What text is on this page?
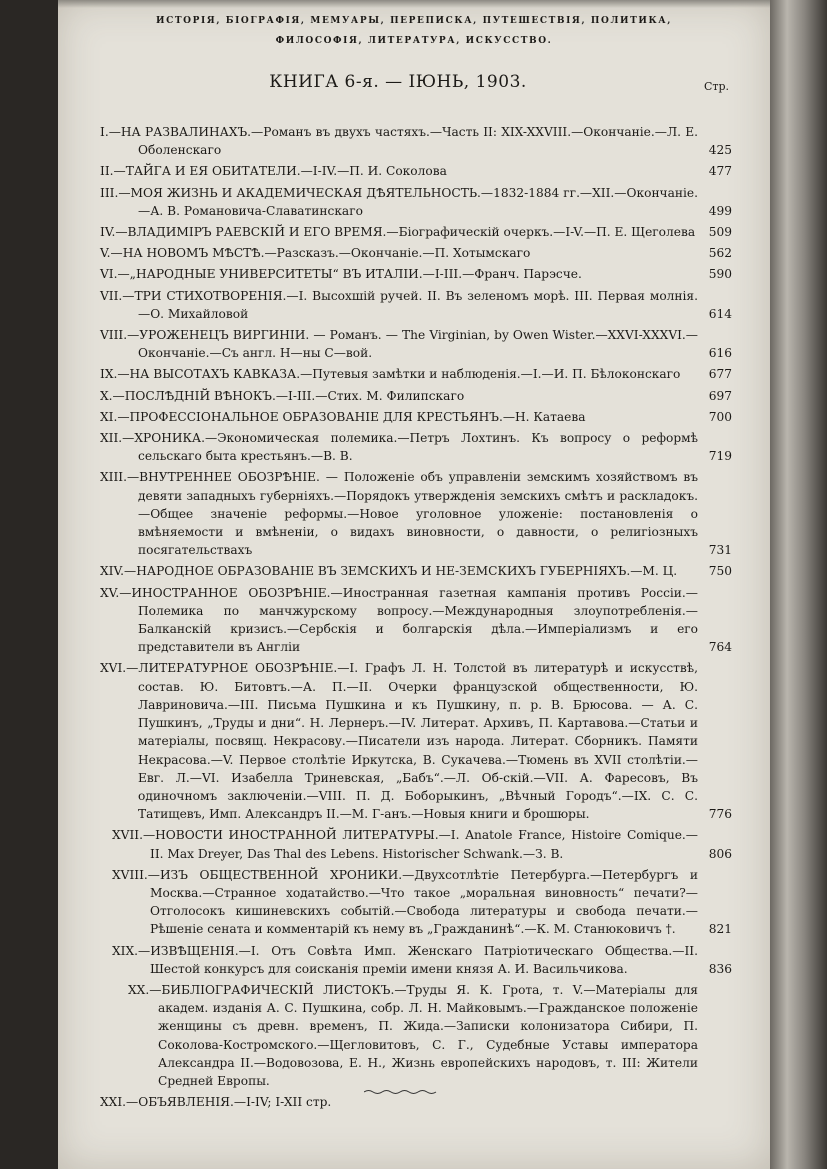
ИСТОРІЯ, БІОГРАФІЯ, МЕМУАРЫ, ПЕРЕПИСКА, ПУТЕШЕСТВІЯ, ПОЛИТИКА,
ФИЛОСОФІЯ, ЛИТЕРАТУРА, ИСКУССТВО.
КНИГА 6-я. — ІЮНЬ, 1903.	Стр.
I.—НА РАЗВАЛИНАХЪ.—Романъ въ двухъ частяхъ.—Часть II: XIX-XXVIII.—Окончаніе.—Л. Е. Оболенскаго	425
II.—ТАЙГА И ЕЯ ОБИТАТЕЛИ.—I-IV.—П. И. Соколова	477
III.—МОЯ ЖИЗНЬ И АКАДЕМИЧЕСКАЯ ДѢЯТЕЛЬНОСТЬ.—1832-1884 гг.—XII.—Окончаніе.—А. В. Романовича-Славатинскаго	499
IV.—ВЛАДИМІРЪ РАЕВСКІЙ И ЕГО ВРЕМЯ.—Біографическій очеркъ.—I-V.—П. Е. Щеголева	509
V.—НА НОВОМЪ МѢСТѢ.—Разсказъ.—Окончаніе.—П. Хотымскаго	562
VI.—„НАРОДНЫЕ УНИВЕРСИТЕТЫ“ ВЪ ИТАЛІИ.—I-III.—Франч. Парэсче.	590
VII.—ТРИ СТИХОТВОРЕНІЯ.—I. Высохшій ручей. II. Въ зеленомъ морѣ. III. Первая молнія.—О. Михайловой	614
VIII.—УРОЖЕНЕЦЪ ВИРГИНІИ. — Романъ. — The Virginian, by Owen Wister.—XXVI-XXXVI.—Окончаніе.—Съ англ. Н—ны С—вой.	616
IX.—НА ВЫСОТАХЪ КАВКАЗА.—Путевыя замѣтки и наблюденія.—I.—И. П. Бѣлоконскаго	677
X.—ПОСЛѢДНІЙ ВѢНОКЪ.—I-III.—Стих. М. Филипскаго	697
XI.—ПРОФЕССІОНАЛЬНОЕ ОБРАЗОВАНІЕ ДЛЯ КРЕСТЬЯНЪ.—Н. Катаева	700
XII.—ХРОНИКА.—Экономическая полемика.—Петръ Лохтинъ. Къ вопросу о реформѣ сельскаго быта крестьянъ.—В. В.	719
XIII.—ВНУТРЕННЕЕ ОБОЗРѢНІЕ. — Положеніе объ управленіи земскимъ хозяйствомъ въ девяти западныхъ губерніяхъ.—Порядокъ утвержденія земскихъ смѣтъ и раскладокъ.—Общее значеніе реформы.—Новое уголовное уложеніе: постановленія о вмѣняемости и вмѣненіи, о видахъ виновности, о давности, о религіозныхъ посягательствахъ	731
XIV.—НАРОДНОЕ ОБРАЗОВАНІЕ ВЪ ЗЕМСКИХЪ И НЕ-ЗЕМСКИХЪ ГУБЕРНІЯХЪ.—М. Ц.	750
XV.—ИНОСТРАННОЕ ОБОЗРѢНІЕ.—Иностранная газетная кампанія противъ Россіи.—Полемика по манчжурскому вопросу.—Международныя злоупотребленія.—Балканскій кризисъ.—Сербскія и болгарскія дѣла.—Имперіализмъ и его представители въ Англіи	764
XVI.—ЛИТЕРАТУРНОЕ ОБОЗРѢНІЕ.—I. Графъ Л. Н. Толстой въ литературѣ и искусствѣ, состав. Ю. Битовтъ.—А. П.—II. Очерки французской общественности, Ю. Лавриновича.—III. Письма Пушкина и къ Пушкину, п. р. В. Брюсова. — А. С. Пушкинъ, „Труды и дни“. Н. Лернеръ.—IV. Литерат. Архивъ, П. Картавова.—Статьи и матеріалы, посвящ. Некрасову.—Писатели изъ народа. Литерат. Сборникъ. Памяти Некрасова.—V. Первое столѣтіе Иркутска, В. Сукачева.—Тюмень въ XVII столѣтіи.—Евг. Л.—VI. Изабелла Триневская, „Бабъ“.—Л. Об-скій.—VII. А. Фаресовъ, Въ одиночномъ заключеніи.—VIII. П. Д. Боборыкинъ, „Вѣчный Городъ“.—IX. С. С. Татищевъ, Имп. Александръ II.—М. Г-анъ.—Новыя книги и брошюры.	776
XVII.—НОВОСТИ ИНОСТРАННОЙ ЛИТЕРАТУРЫ.—I. Anatole France, Histoire Comique.—II. Max Dreyer, Das Thal des Lebens. Historischer Schwank.—З. В.	806
XVIII.—ИЗЪ ОБЩЕСТВЕННОЙ ХРОНИКИ.—Двухсотлѣтіе Петербурга.—Петербургъ и Москва.—Странное ходатайство.—Что такое „моральная виновность“ печати?—Отголосокъ кишиневскихъ событій.—Свобода литературы и свобода печати.—Рѣшеніе сената и комментарій къ нему въ „Гражданинѣ“.—К. М. Станюковичъ †.	821
XIX.—ИЗВѢЩЕНІЯ.—I. Отъ Совѣта Имп. Женскаго Патріотическаго Общества.—II. Шестой конкурсъ для соисканія преміи имени князя А. И. Васильчикова.	836
XX.—БИБЛІОГРАФИЧЕСКІЙ ЛИСТОКЪ.—Труды Я. К. Грота, т. V.—Матеріалы для академ. изданія А. С. Пушкина, собр. Л. Н. Майковымъ.—Гражданское положеніе женщины съ древн. временъ, П. Жида.—Записки колонизатора Сибири, П. Соколова-Костромского.—Щегловитовъ, С. Г., Судебные Уставы императора Александра II.—Водовозова, Е. Н., Жизнь европейскихъ народовъ, т. III: Жители Средней Европы.
XXI.—ОБЪЯВЛЕНІЯ.—I-IV; I-XII стр.
